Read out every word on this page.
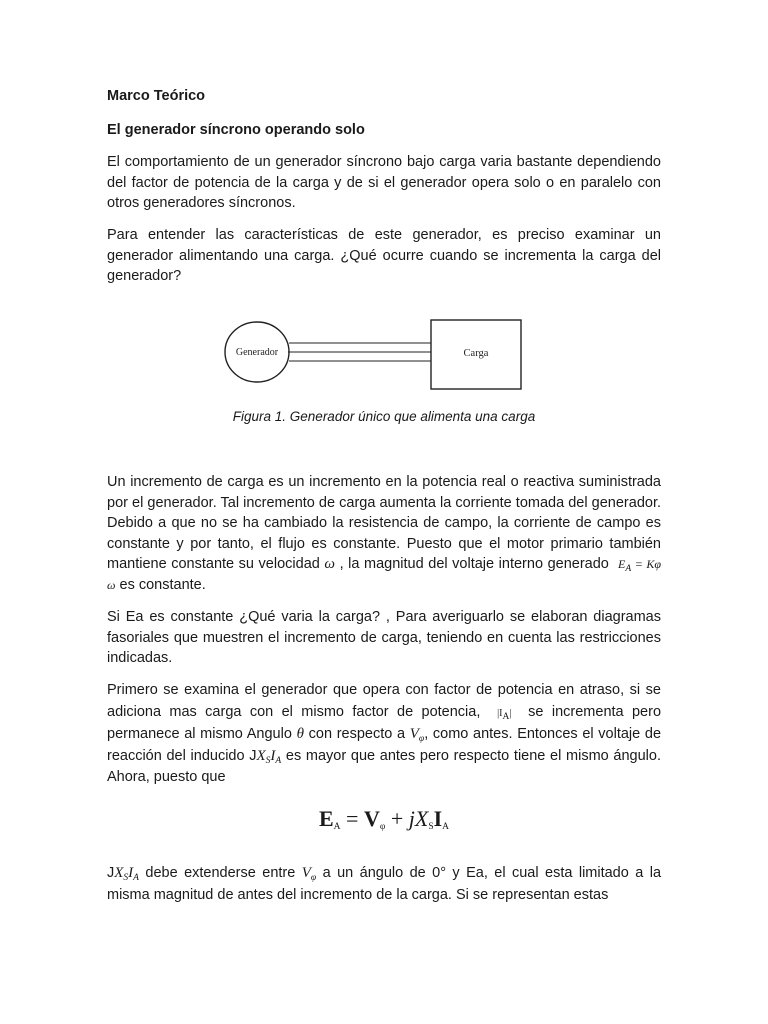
Marco Teórico

El generador síncrono operando solo

El comportamiento de un generador síncrono bajo carga varia bastante dependiendo del factor de potencia de la carga y de si el generador opera solo o en paralelo con otros generadores síncronos.

Para entender las características de este generador, es preciso examinar un generador alimentando una carga. ¿Qué ocurre cuando se incrementa la carga del generador?

Generador	Carga

Figura 1. Generador único que alimenta una carga

Un incremento de carga es un incremento en la potencia real o reactiva suministrada por el generador. Tal incremento de carga aumenta la corriente tomada del generador. Debido a que no se ha cambiado la resistencia de campo, la corriente de campo es constante y por tanto, el flujo es constante. Puesto que el motor primario también mantiene constante su velocidad ω , la magnitud del voltaje interno generado $E_A = K\varphi$ ω es constante.

Si Ea es constante ¿Qué varia la carga? , Para averiguarlo se elaboran diagramas fasoriales que muestren el incremento de carga, teniendo en cuenta las restricciones indicadas.

Primero se examina el generador que opera con factor de potencia en atraso, si se adiciona mas carga con el mismo factor de potencia, $|I_A|$ se incrementa pero permanece al mismo Angulo θ con respecto a $V_\varphi$, como antes. Entonces el voltaje de reacción del inducido $JX_SI_A$ es mayor que antes pero respecto tiene el mismo ángulo. Ahora, puesto que

$E_A = V_\varphi + jX_SI_A$

$JX_SI_A$ debe extenderse entre $V_\varphi$ a un ángulo de 0° y Ea, el cual esta limitado a la misma magnitud de antes del incremento de la carga. Si se representan estas
